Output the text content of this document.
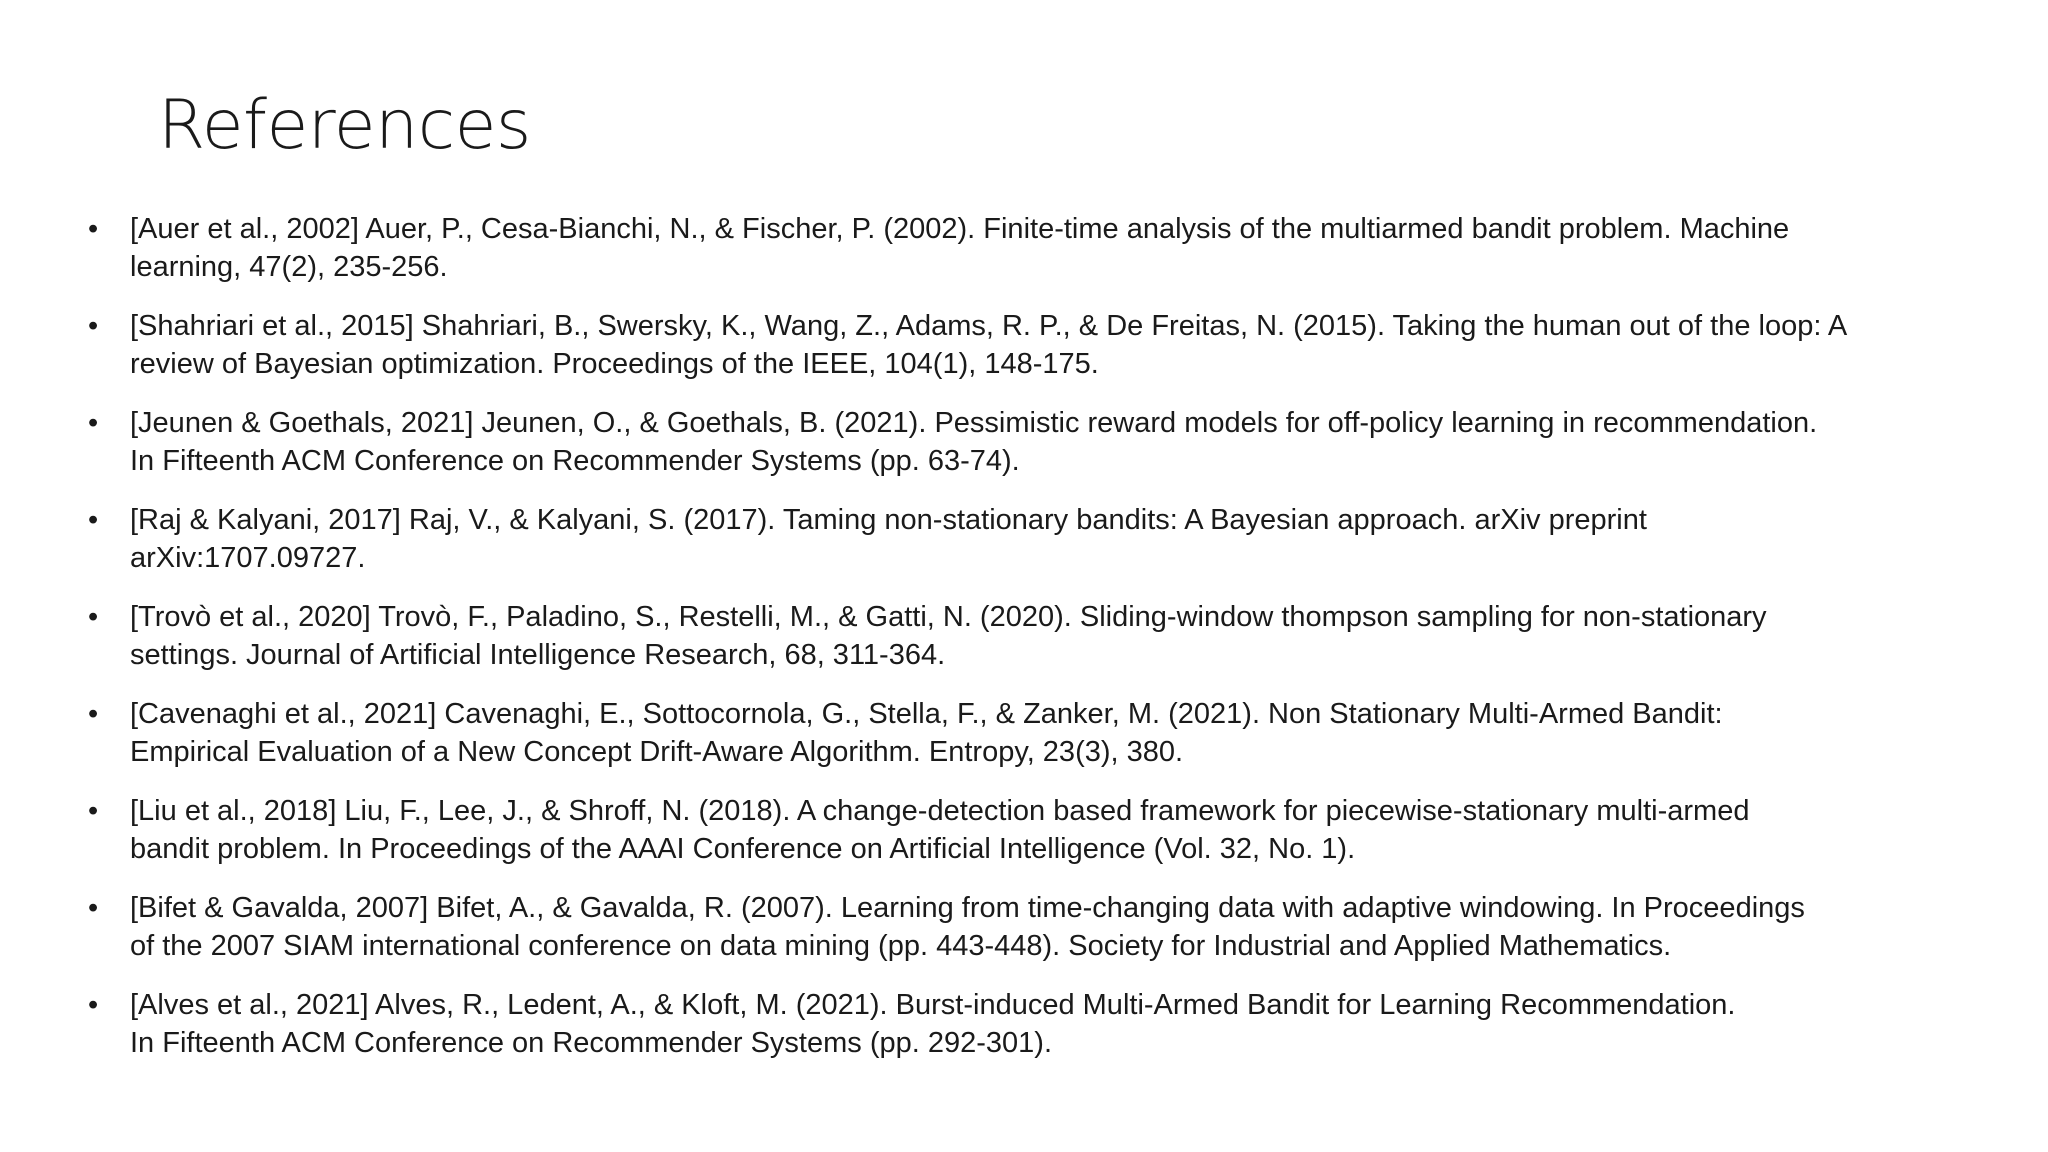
References
•	[Auer et al., 2002] Auer, P., Cesa-Bianchi, N., & Fischer, P. (2002). Finite-time analysis of the multiarmed bandit problem. Machine
learning, 47(2), 235-256.
•	[Shahriari et al., 2015] Shahriari, B., Swersky, K., Wang, Z., Adams, R. P., & De Freitas, N. (2015). Taking the human out of the loop: A
review of Bayesian optimization. Proceedings of the IEEE, 104(1), 148-175.
•	[Jeunen & Goethals, 2021] Jeunen, O., & Goethals, B. (2021). Pessimistic reward models for off-policy learning in recommendation.
In Fifteenth ACM Conference on Recommender Systems (pp. 63-74).
•	[Raj & Kalyani, 2017] Raj, V., & Kalyani, S. (2017). Taming non-stationary bandits: A Bayesian approach. arXiv preprint
arXiv:1707.09727.
•	[Trovò et al., 2020] Trovò, F., Paladino, S., Restelli, M., & Gatti, N. (2020). Sliding-window thompson sampling for non-stationary
settings. Journal of Artificial Intelligence Research, 68, 311-364.
•	[Cavenaghi et al., 2021] Cavenaghi, E., Sottocornola, G., Stella, F., & Zanker, M. (2021). Non Stationary Multi-Armed Bandit:
Empirical Evaluation of a New Concept Drift-Aware Algorithm. Entropy, 23(3), 380.
•	[Liu et al., 2018] Liu, F., Lee, J., & Shroff, N. (2018). A change-detection based framework for piecewise-stationary multi-armed
bandit problem. In Proceedings of the AAAI Conference on Artificial Intelligence (Vol. 32, No. 1).
•	[Bifet & Gavalda, 2007] Bifet, A., & Gavalda, R. (2007). Learning from time-changing data with adaptive windowing. In Proceedings
of the 2007 SIAM international conference on data mining (pp. 443-448). Society for Industrial and Applied Mathematics.
•	[Alves et al., 2021] Alves, R., Ledent, A., & Kloft, M. (2021). Burst-induced Multi-Armed Bandit for Learning Recommendation.
In Fifteenth ACM Conference on Recommender Systems (pp. 292-301).
